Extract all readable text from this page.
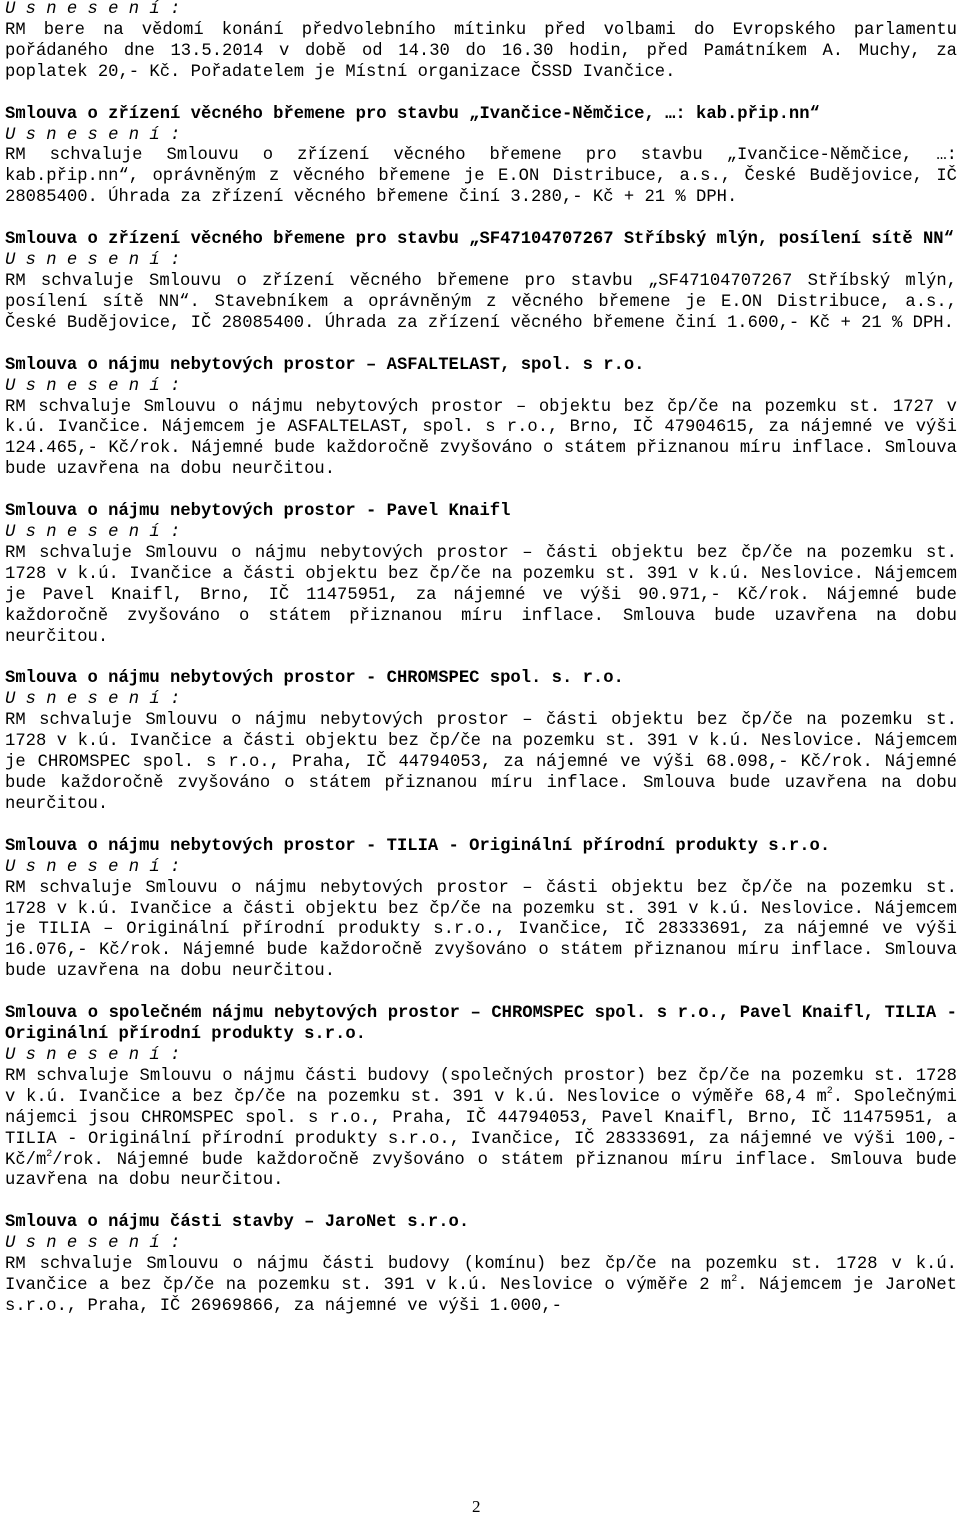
U s n e s e n í :
RM bere na vědomí konání předvolebního mítinku před volbami do Evropského parlamentu pořádaného dne 13.5.2014 v době od 14.30 do 16.30 hodin, před Památníkem A. Muchy, za poplatek 20,- Kč. Pořadatelem je Místní organizace ČSSD Ivančice.
Smlouva o zřízení věcného břemene pro stavbu „Ivančice-Němčice, …: kab.přip.nn“
U s n e s e n í :
RM schvaluje Smlouvu o zřízení věcného břemene pro stavbu „Ivančice-Němčice, …: kab.přip.nn“, oprávněným z věcného břemene je E.ON Distribuce, a.s., České Budějovice, IČ 28085400. Úhrada za zřízení věcného břemene činí 3.280,- Kč + 21 % DPH.
Smlouva o zřízení věcného břemene pro stavbu „SF47104707267 Stříbský mlýn, posílení sítě NN“
U s n e s e n í :
RM schvaluje Smlouvu o zřízení věcného břemene pro stavbu „SF47104707267 Stříbský mlýn, posílení sítě NN“. Stavebníkem a oprávněným z věcného břemene je E.ON Distribuce, a.s., České Budějovice, IČ 28085400. Úhrada za zřízení věcného břemene činí 1.600,- Kč + 21 % DPH.
Smlouva o nájmu nebytových prostor – ASFALTELAST, spol. s r.o.
U s n e s e n í :
RM schvaluje Smlouvu o nájmu nebytových prostor – objektu bez čp/če na pozemku st. 1727 v k.ú. Ivančice. Nájemcem je ASFALTELAST, spol. s r.o., Brno, IČ 47904615, za nájemné ve výši 124.465,- Kč/rok. Nájemné bude každoročně zvyšováno o státem přiznanou míru inflace. Smlouva bude uzavřena na dobu neurčitou.
Smlouva o nájmu nebytových prostor - Pavel Knaifl
U s n e s e n í :
RM schvaluje Smlouvu o nájmu nebytových prostor – části objektu bez čp/če na pozemku st. 1728 v k.ú. Ivančice a části objektu bez čp/če na pozemku st. 391 v k.ú. Neslovice. Nájemcem je Pavel Knaifl, Brno, IČ 11475951, za nájemné ve výši 90.971,- Kč/rok. Nájemné bude každoročně zvyšováno o státem přiznanou míru inflace. Smlouva bude uzavřena na dobu neurčitou.
Smlouva o nájmu nebytových prostor - CHROMSPEC spol. s. r.o.
U s n e s e n í :
RM schvaluje Smlouvu o nájmu nebytových prostor – části objektu bez čp/če na pozemku st. 1728 v k.ú. Ivančice a části objektu bez čp/če na pozemku st. 391 v k.ú. Neslovice. Nájemcem je CHROMSPEC spol. s r.o., Praha, IČ 44794053, za nájemné ve výši 68.098,- Kč/rok. Nájemné bude každoročně zvyšováno o státem přiznanou míru inflace. Smlouva bude uzavřena na dobu neurčitou.
Smlouva o nájmu nebytových prostor - TILIA - Originální přírodní produkty s.r.o.
U s n e s e n í :
RM schvaluje Smlouvu o nájmu nebytových prostor – části objektu bez čp/če na pozemku st. 1728 v k.ú. Ivančice a části objektu bez čp/če na pozemku st. 391 v k.ú. Neslovice. Nájemcem je TILIA – Originální přírodní produkty s.r.o., Ivančice, IČ 28333691, za nájemné ve výši 16.076,- Kč/rok. Nájemné bude každoročně zvyšováno o státem přiznanou míru inflace. Smlouva bude uzavřena na dobu neurčitou.
Smlouva o společném nájmu nebytových prostor – CHROMSPEC spol. s r.o., Pavel Knaifl, TILIA - Originální přírodní produkty s.r.o.
U s n e s e n í :
RM schvaluje Smlouvu o nájmu části budovy (společných prostor) bez čp/če na pozemku st. 1728 v k.ú. Ivančice a bez čp/če na pozemku st. 391 v k.ú. Neslovice o výměře 68,4 $m^2$. Společnými nájemci jsou CHROMSPEC spol. s r.o., Praha, IČ 44794053, Pavel Knaifl, Brno, IČ 11475951, a TILIA - Originální přírodní produkty s.r.o., Ivančice, IČ 28333691, za nájemné ve výši 100,- $Kč/m^2$/rok. Nájemné bude každoročně zvyšováno o státem přiznanou míru inflace. Smlouva bude uzavřena na dobu neurčitou.
Smlouva o nájmu části stavby – JaroNet s.r.o.
U s n e s e n í :
RM schvaluje Smlouvu o nájmu části budovy (komínu) bez čp/če na pozemku st. 1728 v k.ú. Ivančice a bez čp/če na pozemku st. 391 v k.ú. Neslovice o výměře 2 $m^2$. Nájemcem je JaroNet s.r.o., Praha, IČ 26969866, za nájemné ve výši 1.000,-
2
